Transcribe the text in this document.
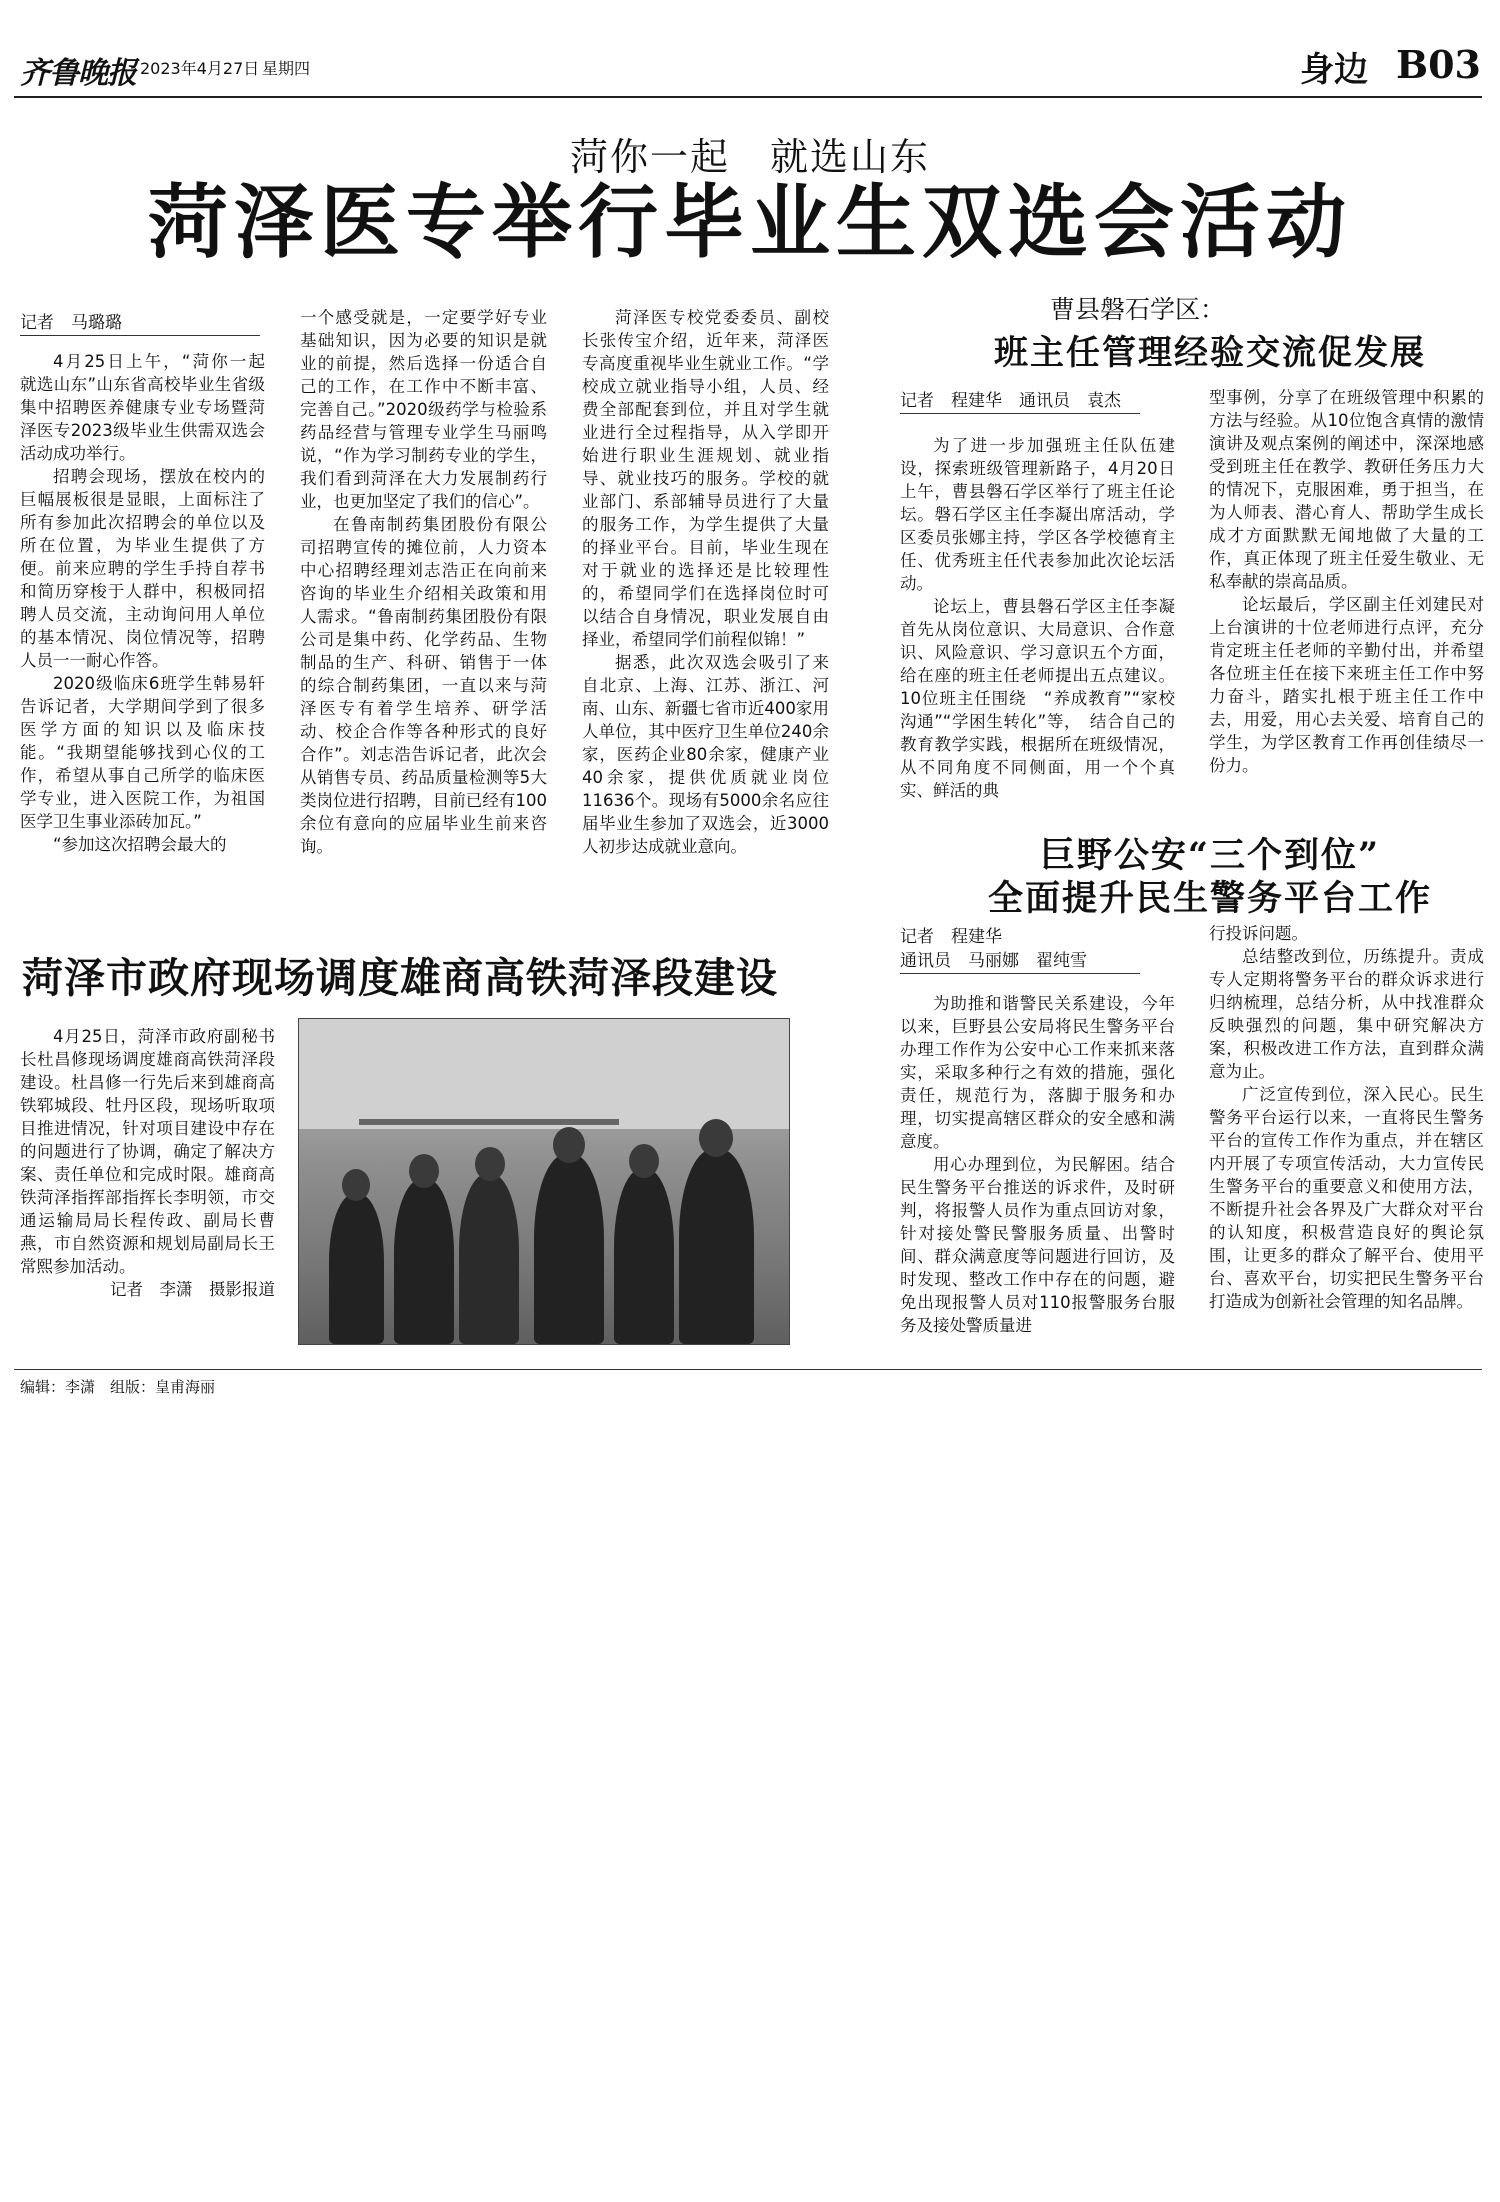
齐鲁晚报 2023年4月27日 星期四	身边 B03
菏你一起　就选山东
菏泽医专举行毕业生双选会活动
记者　马璐璐

4月25日上午，“菏你一起　就选山东”山东省高校毕业生省级集中招聘医养健康专业专场暨菏泽医专2023级毕业生供需双选会活动成功举行。

招聘会现场，摆放在校内的巨幅展板很是显眼，上面标注了所有参加此次招聘会的单位以及所在位置，为毕业生提供了方便。前来应聘的学生手持自荐书和简历穿梭于人群中，积极同招聘人员交流，主动询问用人单位的基本情况、岗位情况等，招聘人员一一耐心作答。

2020级临床6班学生韩易轩告诉记者，大学期间学到了很多医学方面的知识以及临床技能。“我期望能够找到心仪的工作，希望从事自己所学的临床医学专业，进入医院工作，为祖国医学卫生事业添砖加瓦。”

“参加这次招聘会最大的

一个感受就是，一定要学好专业基础知识，因为必要的知识是就业的前提，然后选择一份适合自己的工作，在工作中不断丰富、完善自己。”2020级药学与检验系药品经营与管理专业学生马丽鸣说，“作为学习制药专业的学生，我们看到菏泽在大力发展制药行业，也更加坚定了我们的信心”。

在鲁南制药集团股份有限公司招聘宣传的摊位前，人力资本中心招聘经理刘志浩正在向前来咨询的毕业生介绍相关政策和用人需求。“鲁南制药集团股份有限公司是集中药、化学药品、生物制品的生产、科研、销售于一体的综合制药集团，一直以来与菏泽医专有着学生培养、研学活动、校企合作等各种形式的良好合作”。刘志浩告诉记者，此次会从销售专员、药品质量检测等5大类岗位进行招聘，目前已经有100余位有意向的应届毕业生前来咨询。

菏泽医专校党委委员、副校长张传宝介绍，近年来，菏泽医专高度重视毕业生就业工作。“学校成立就业指导小组，人员、经费全部配套到位，并且对学生就业进行全过程指导，从入学即开始进行职业生涯规划、就业指导、就业技巧的服务。学校的就业部门、系部辅导员进行了大量的服务工作，为学生提供了大量的择业平台。目前，毕业生现在对于就业的选择还是比较理性的，希望同学们在选择岗位时可以结合自身情况，职业发展自由择业，希望同学们前程似锦！”

据悉，此次双选会吸引了来自北京、上海、江苏、浙江、河南、山东、新疆七省市近400家用人单位，其中医疗卫生单位240余家，医药企业80余家，健康产业40余家，提供优质就业岗位11636个。现场有5000余名应往届毕业生参加了双选会，近3000人初步达成就业意向。

曹县磐石学区：
班主任管理经验交流促发展
记者　程建华　通讯员　袁杰

为了进一步加强班主任队伍建设，探索班级管理新路子，4月20日上午，曹县磐石学区举行了班主任论坛。磐石学区主任李凝出席活动，学区委员张娜主持，学区各学校德育主任、优秀班主任代表参加此次论坛活动。

论坛上，曹县磐石学区主任李凝首先从岗位意识、大局意识、合作意识、风险意识、学习意识五个方面，给在座的班主任老师提出五点建议。10位班主任围绕　“养成教育”“家校沟通”“学困生转化”等，　结合自己的教育教学实践，根据所在班级情况，从不同角度不同侧面，用一个个真实、鲜活的典

型事例，分享了在班级管理中积累的方法与经验。从10位饱含真情的激情演讲及观点案例的阐述中，深深地感受到班主任在教学、教研任务压力大的情况下，克服困难，勇于担当，在为人师表、潜心育人、帮助学生成长成才方面默默无闻地做了大量的工作，真正体现了班主任爱生敬业、无私奉献的崇高品质。

论坛最后，学区副主任刘建民对上台演讲的十位老师进行点评，充分肯定班主任老师的辛勤付出，并希望各位班主任在接下来班主任工作中努力奋斗，踏实扎根于班主任工作中去，用爱，用心去关爱、培育自己的学生，为学区教育工作再创佳绩尽一份力。

菏泽市政府现场调度雄商高铁菏泽段建设

4月25日，菏泽市政府副秘书长杜昌修现场调度雄商高铁菏泽段建设。杜昌修一行先后来到雄商高铁郓城段、牡丹区段，现场听取项目推进情况，针对项目建设中存在的问题进行了协调，确定了解决方案、责任单位和完成时限。雄商高铁菏泽指挥部指挥长李明领，市交通运输局局长程传政、副局长曹燕，市自然资源和规划局副局长王常熙参加活动。

记者　李潇　摄影报道

巨野公安“三个到位”
全面提升民生警务平台工作
记者　程建华
通讯员　马丽娜　翟纯雪

为助推和谐警民关系建设，今年以来，巨野县公安局将民生警务平台办理工作作为公安中心工作来抓来落实，采取多种行之有效的措施，强化责任，规范行为，落脚于服务和办理，切实提高辖区群众的安全感和满意度。

用心办理到位，为民解困。结合民生警务平台推送的诉求件，及时研判，将报警人员作为重点回访对象，针对接处警民警服务质量、出警时间、群众满意度等问题进行回访，及时发现、整改工作中存在的问题，避免出现报警人员对110报警服务台服务及接处警质量进

行投诉问题。

总结整改到位，历练提升。责成专人定期将警务平台的群众诉求进行归纳梳理，总结分析，从中找准群众反映强烈的问题，集中研究解决方案，积极改进工作方法，直到群众满意为止。

广泛宣传到位，深入民心。民生警务平台运行以来，一直将民生警务平台的宣传工作作为重点，并在辖区内开展了专项宣传活动，大力宣传民生警务平台的重要意义和使用方法，不断提升社会各界及广大群众对平台的认知度，积极营造良好的舆论氛围，让更多的群众了解平台、使用平台、喜欢平台，切实把民生警务平台打造成为创新社会管理的知名品牌。

编辑：李潇　组版：皇甫海丽
